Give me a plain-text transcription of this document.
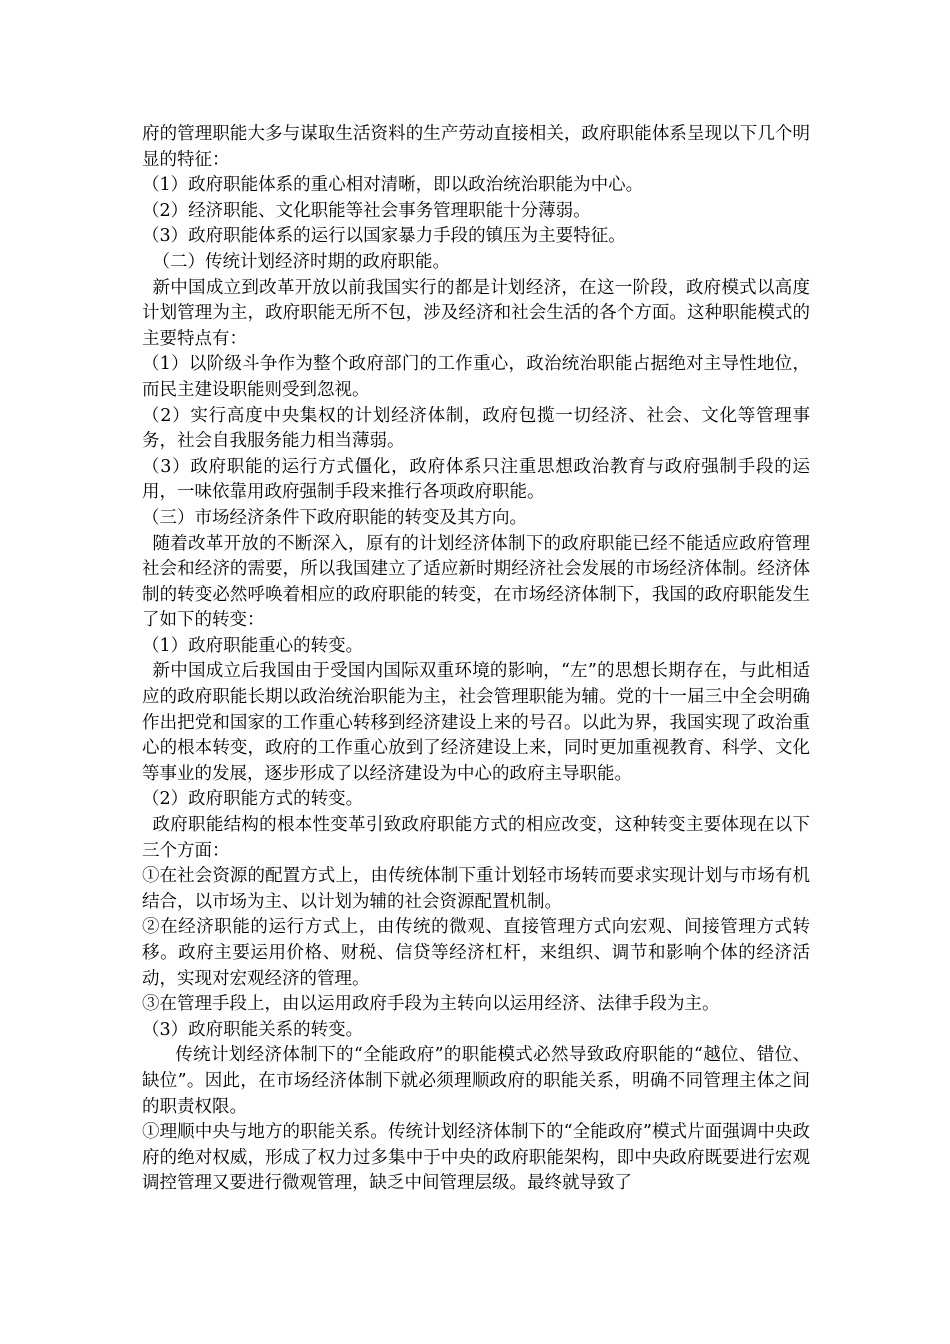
府的管理职能大多与谋取生活资料的生产劳动直接相关，政府职能体系呈现以下几个明显的特征：

（1）政府职能体系的重心相对清晰，即以政治统治职能为中心。

（2）经济职能、文化职能等社会事务管理职能十分薄弱。

（3）政府职能体系的运行以国家暴力手段的镇压为主要特征。

（二）传统计划经济时期的政府职能。

新中国成立到改革开放以前我国实行的都是计划经济，在这一阶段，政府模式以高度计划管理为主，政府职能无所不包，涉及经济和社会生活的各个方面。这种职能模式的主要特点有：

（1）以阶级斗争作为整个政府部门的工作重心，政治统治职能占据绝对主导性地位，而民主建设职能则受到忽视。

（2）实行高度中央集权的计划经济体制，政府包揽一切经济、社会、文化等管理事务，社会自我服务能力相当薄弱。

（3）政府职能的运行方式僵化，政府体系只注重思想政治教育与政府强制手段的运用，一味依靠用政府强制手段来推行各项政府职能。

（三）市场经济条件下政府职能的转变及其方向。

随着改革开放的不断深入，原有的计划经济体制下的政府职能已经不能适应政府管理社会和经济的需要，所以我国建立了适应新时期经济社会发展的市场经济体制。经济体制的转变必然呼唤着相应的政府职能的转变，在市场经济体制下，我国的政府职能发生了如下的转变：

（1）政府职能重心的转变。

新中国成立后我国由于受国内国际双重环境的影响，“左”的思想长期存在，与此相适应的政府职能长期以政治统治职能为主，社会管理职能为辅。党的十一届三中全会明确作出把党和国家的工作重心转移到经济建设上来的号召。以此为界，我国实现了政治重心的根本转变，政府的工作重心放到了经济建设上来，同时更加重视教育、科学、文化等事业的发展，逐步形成了以经济建设为中心的政府主导职能。

（2）政府职能方式的转变。

政府职能结构的根本性变革引致政府职能方式的相应改变，这种转变主要体现在以下三个方面：

①在社会资源的配置方式上，由传统体制下重计划轻市场转而要求实现计划与市场有机结合，以市场为主、以计划为辅的社会资源配置机制。

②在经济职能的运行方式上，由传统的微观、直接管理方式向宏观、间接管理方式转移。政府主要运用价格、财税、信贷等经济杠杆，来组织、调节和影响个体的经济活动，实现对宏观经济的管理。

③在管理手段上，由以运用政府手段为主转向以运用经济、法律手段为主。

（3）政府职能关系的转变。

传统计划经济体制下的“全能政府”的职能模式必然导致政府职能的“越位、错位、缺位”。因此，在市场经济体制下就必须理顺政府的职能关系，明确不同管理主体之间的职责权限。

①理顺中央与地方的职能关系。传统计划经济体制下的“全能政府”模式片面强调中央政府的绝对权威，形成了权力过多集中于中央的政府职能架构，即中央政府既要进行宏观调控管理又要进行微观管理，缺乏中间管理层级。最终就导致了
